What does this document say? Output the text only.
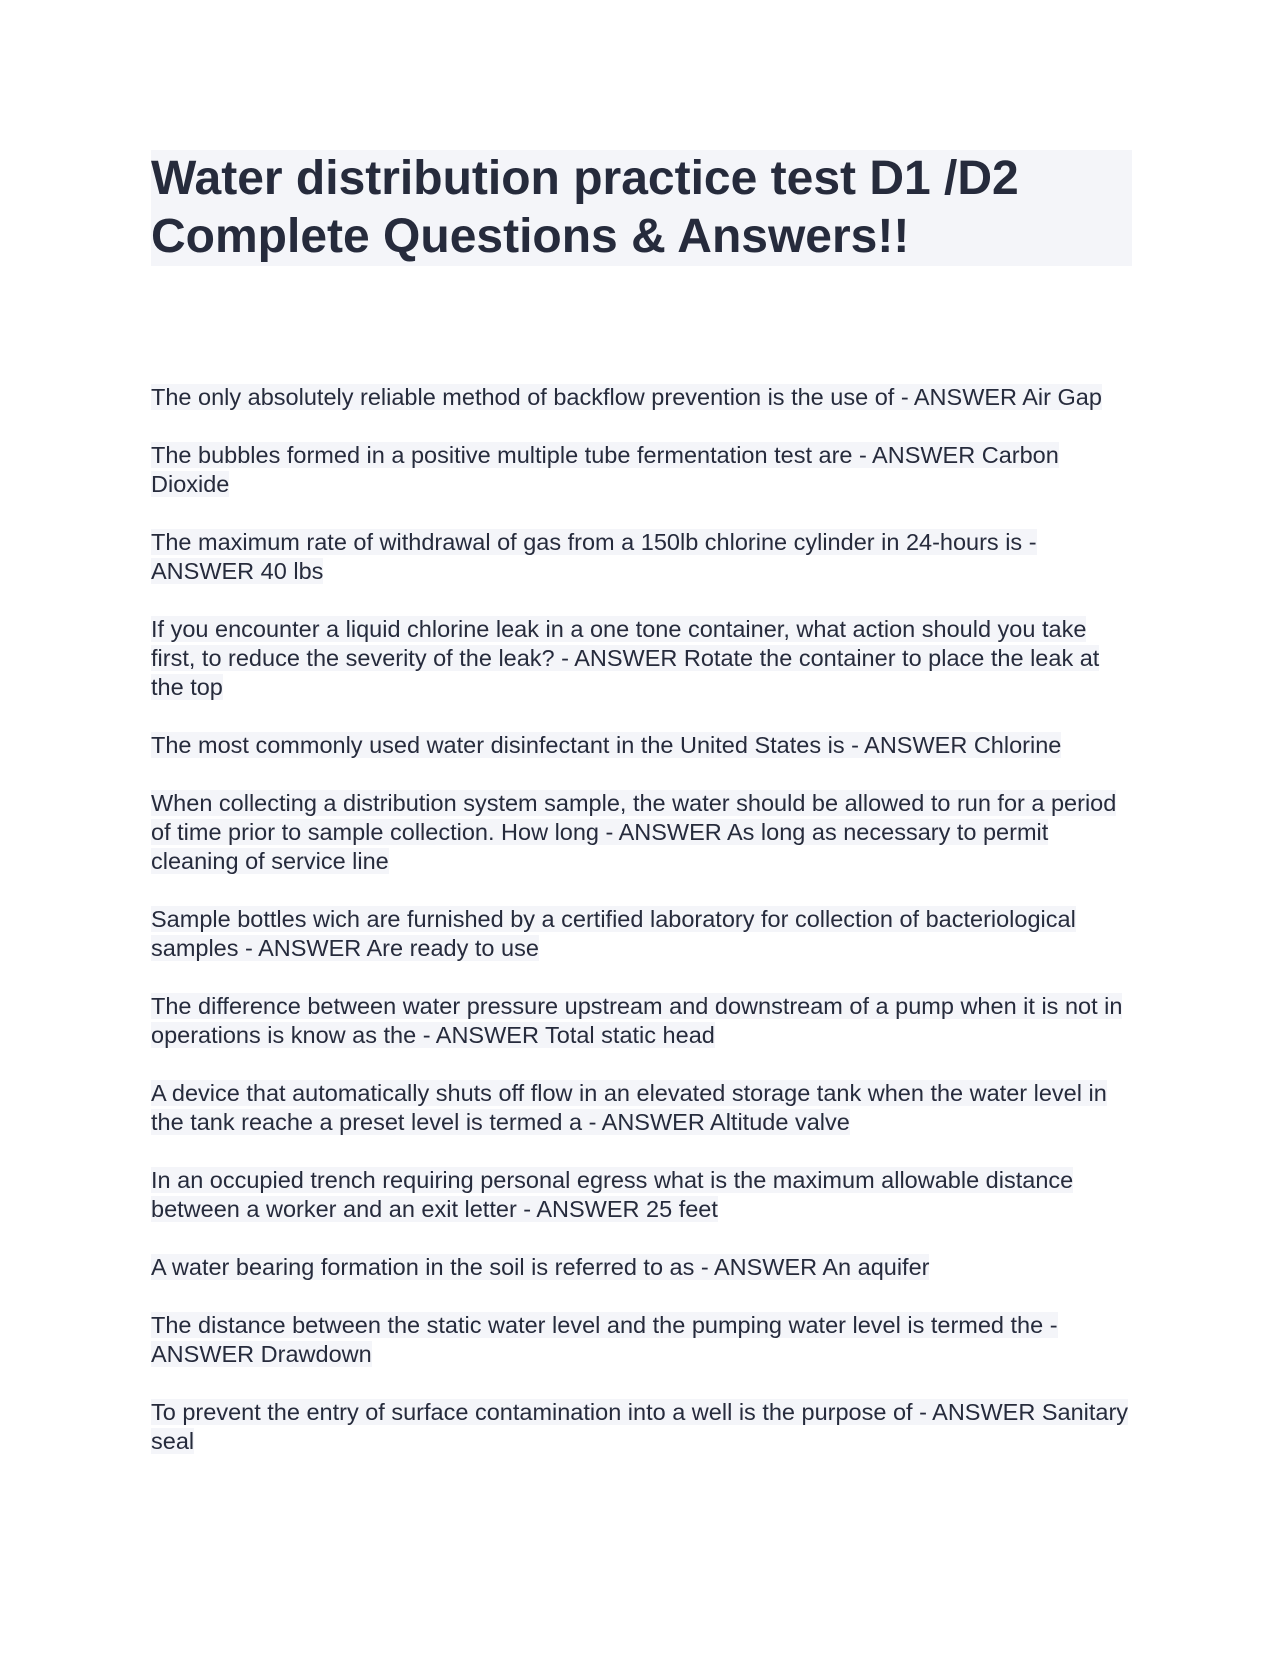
Water distribution practice test D1 /D2
Complete Questions & Answers!!

The only absolutely reliable method of backflow prevention is the use of - ANSWER Air Gap

The bubbles formed in a positive multiple tube fermentation test are - ANSWER Carbon Dioxide

The maximum rate of withdrawal of gas from a 150lb chlorine cylinder in 24-hours is - ANSWER 40 lbs

If you encounter a liquid chlorine leak in a one tone container, what action should you take first, to reduce the severity of the leak? - ANSWER Rotate the container to place the leak at the top

The most commonly used water disinfectant in the United States is - ANSWER Chlorine

When collecting a distribution system sample, the water should be allowed to run for a period of time prior to sample collection. How long - ANSWER As long as necessary to permit cleaning of service line

Sample bottles wich are furnished by a certified laboratory for collection of bacteriological samples - ANSWER Are ready to use

The difference between water pressure upstream and downstream of a pump when it is not in operations is know as the - ANSWER Total static head

A device that automatically shuts off flow in an elevated storage tank when the water level in the tank reache a preset level is termed a - ANSWER Altitude valve

In an occupied trench requiring personal egress what is the maximum allowable distance between a worker and an exit letter - ANSWER 25 feet

A water bearing formation in the soil is referred to as - ANSWER An aquifer

The distance between the static water level and the pumping water level is termed the - ANSWER Drawdown

To prevent the entry of surface contamination into a well is the purpose of - ANSWER Sanitary seal
